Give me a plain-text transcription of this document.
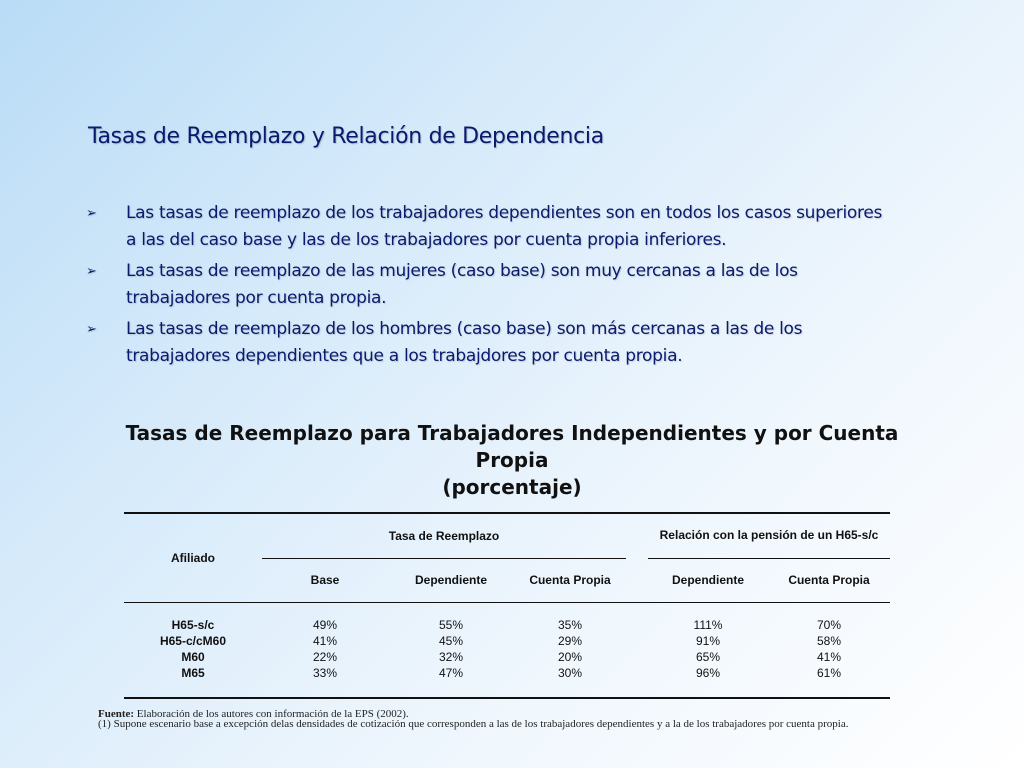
Tasas de Reemplazo y Relación de Dependencia
➢ Las tasas de reemplazo de los trabajadores dependientes son en todos los casos superiores a las del caso base y las de los trabajadores por cuenta propia inferiores.
➢ Las tasas de reemplazo de las mujeres (caso base) son muy cercanas a las de los trabajadores por cuenta propia.
➢ Las tasas de reemplazo de los hombres (caso base) son más cercanas a las de los trabajadores dependientes que a los trabajdores por cuenta propia.
Tasas de Reemplazo para Trabajadores Independientes y por Cuenta
Propia
(porcentaje)

Afiliado	Tasa de Reemplazo				Relación con la pensión de un H65-s/c	
	Base	Dependiente	Cuenta Propia		Dependiente	Cuenta Propia

H65-s/c	49%	55%	35%		111%	70%
H65-c/cM60	41%	45%	29%		91%	58%
M60	22%	32%	20%		65%	41%
M65	33%	47%	30%		96%	61%

Fuente: Elaboración de los autores con información de la EPS (2002).
(1) Supone escenario base a excepción delas densidades de cotización que corresponden a las de los trabajadores dependientes y a la de los trabajadores por cuenta propia.
